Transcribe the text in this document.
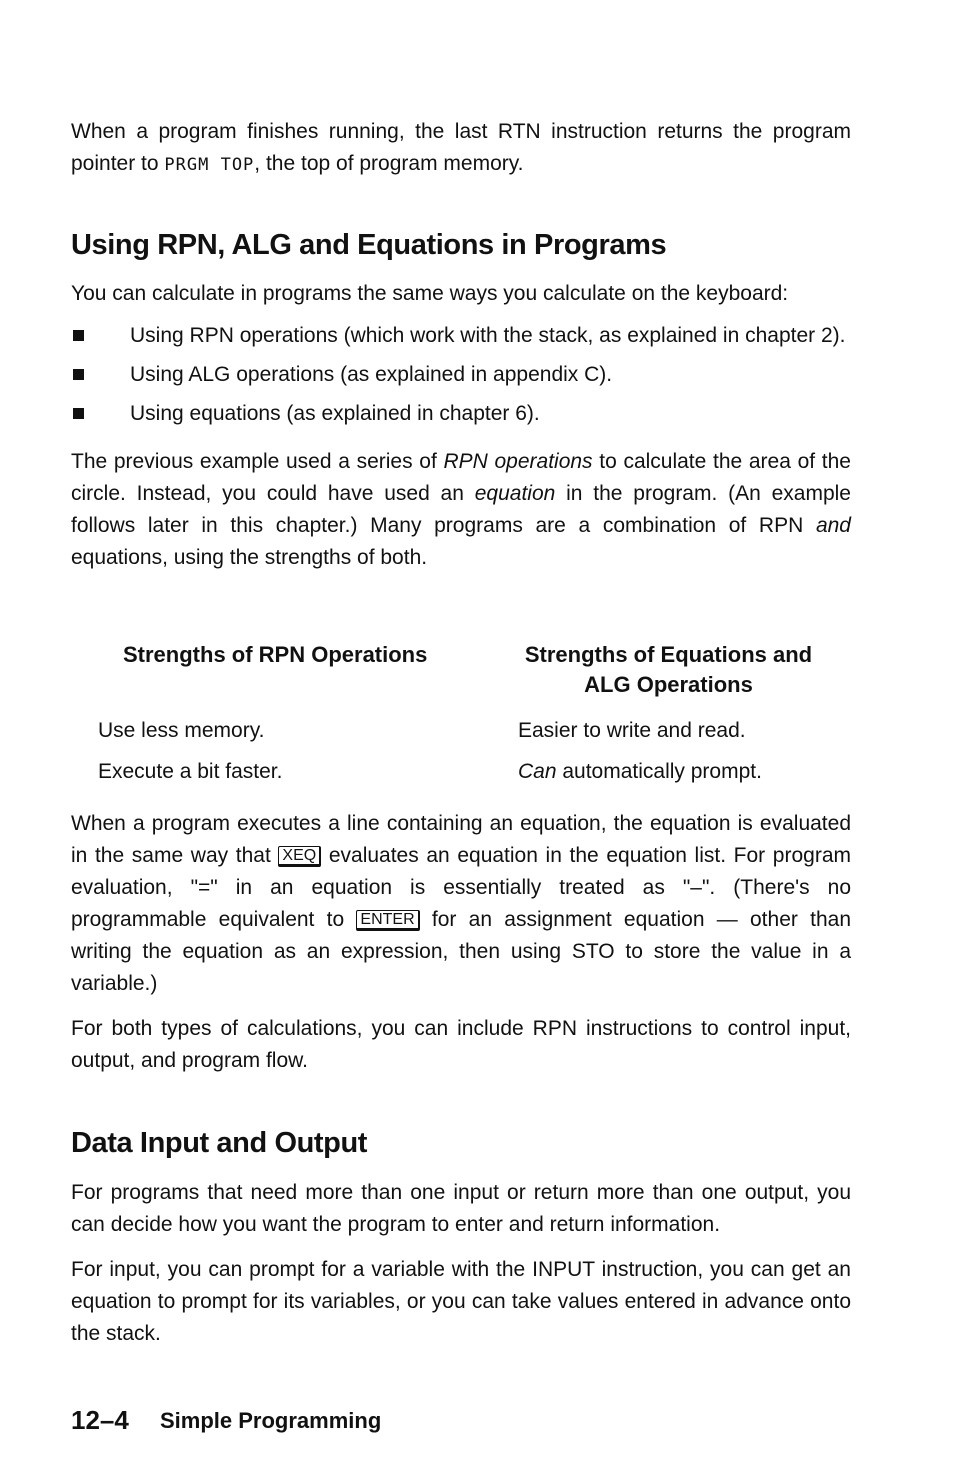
When a program finishes running, the last RTN instruction returns the program pointer to PRGM TOP, the top of program memory.

Using RPN, ALG and Equations in Programs

You can calculate in programs the same ways you calculate on the keyboard:

Using RPN operations (which work with the stack, as explained in chapter 2).
Using ALG operations (as explained in appendix C).
Using equations (as explained in chapter 6).

The previous example used a series of RPN operations to calculate the area of the circle. Instead, you could have used an equation in the program. (An example follows later in this chapter.) Many programs are a combination of RPN and equations, using the strengths of both.

Strengths of RPN Operations	Strengths of Equations and
ALG Operations
Use less memory.	Easier to write and read.
Execute a bit faster.	Can automatically prompt.

When a program executes a line containing an equation, the equation is evaluated in the same way that XEQ evaluates an equation in the equation list. For program evaluation, "=" in an equation is essentially treated as "–". (There's no programmable equivalent to ENTER for an assignment equation — other than writing the equation as an expression, then using STO to store the value in a variable.)

For both types of calculations, you can include RPN instructions to control input, output, and program flow.

Data Input and Output

For programs that need more than one input or return more than one output, you can decide how you want the program to enter and return information.

For input, you can prompt for a variable with the INPUT instruction, you can get an equation to prompt for its variables, or you can take values entered in advance onto the stack.

12–4 Simple Programming
